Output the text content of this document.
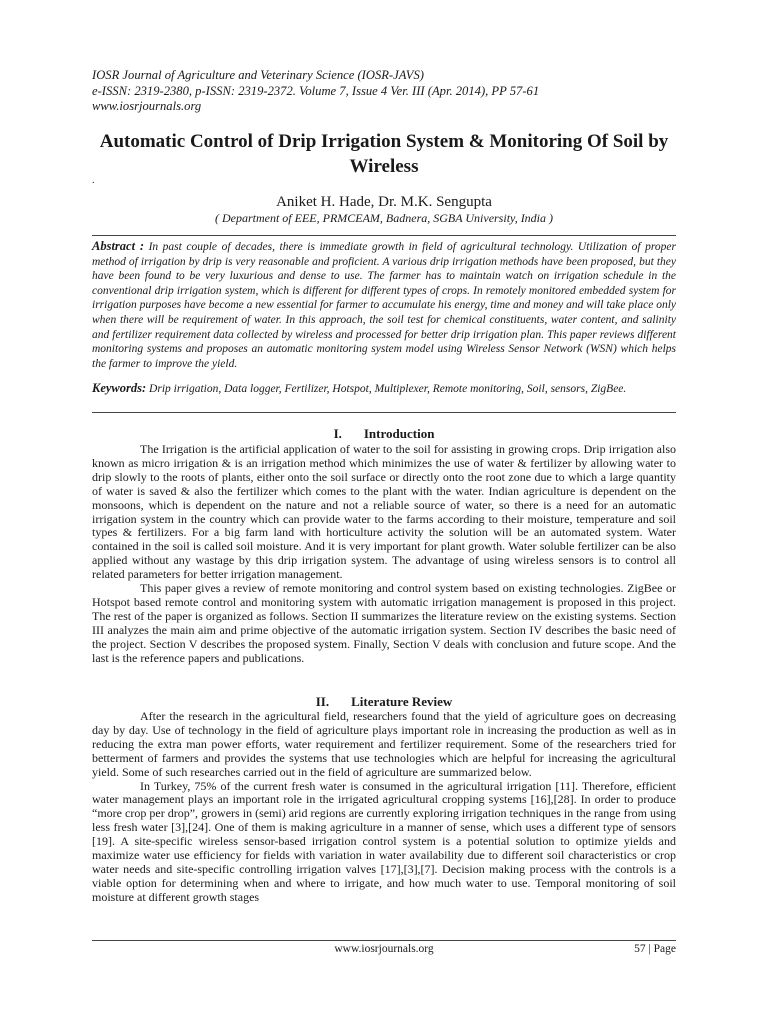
IOSR Journal of Agriculture and Veterinary Science (IOSR-JAVS)
e-ISSN: 2319-2380, p-ISSN: 2319-2372. Volume 7, Issue 4 Ver. III (Apr. 2014), PP 57-61
www.iosrjournals.org
Automatic Control of Drip Irrigation System & Monitoring Of Soil by Wireless
.
Aniket H. Hade, Dr. M.K. Sengupta
( Department of EEE, PRMCEAM, Badnera, SGBA University, India )
Abstract : In past couple of decades, there is immediate growth in field of agricultural technology. Utilization of proper method of irrigation by drip is very reasonable and proficient. A various drip irrigation methods have been proposed, but they have been found to be very luxurious and dense to use. The farmer has to maintain watch on irrigation schedule in the conventional drip irrigation system, which is different for different types of crops. In remotely monitored embedded system for irrigation purposes have become a new essential for farmer to accumulate his energy, time and money and will take place only when there will be requirement of water. In this approach, the soil test for chemical constituents, water content, and salinity and fertilizer requirement data collected by wireless and processed for better drip irrigation plan. This paper reviews different monitoring systems and proposes an automatic monitoring system model using Wireless Sensor Network (WSN) which helps the farmer to improve the yield.
Keywords: Drip irrigation, Data logger, Fertilizer, Hotspot, Multiplexer, Remote monitoring, Soil, sensors, ZigBee.
I. Introduction

The Irrigation is the artificial application of water to the soil for assisting in growing crops. Drip irrigation also known as micro irrigation & is an irrigation method which minimizes the use of water & fertilizer by allowing water to drip slowly to the roots of plants, either onto the soil surface or directly onto the root zone due to which a large quantity of water is saved & also the fertilizer which comes to the plant with the water. Indian agriculture is dependent on the monsoons, which is dependent on the nature and not a reliable source of water, so there is a need for an automatic irrigation system in the country which can provide water to the farms according to their moisture, temperature and soil types & fertilizers. For a big farm land with horticulture activity the solution will be an automated system. Water contained in the soil is called soil moisture. And it is very important for plant growth. Water soluble fertilizer can be also applied without any wastage by this drip irrigation system. The advantage of using wireless sensors is to control all related parameters for better irrigation management.

This paper gives a review of remote monitoring and control system based on existing technologies. ZigBee or Hotspot based remote control and monitoring system with automatic irrigation management is proposed in this project. The rest of the paper is organized as follows. Section II summarizes the literature review on the existing systems. Section III analyzes the main aim and prime objective of the automatic irrigation system. Section IV describes the basic need of the project. Section V describes the proposed system. Finally, Section V deals with conclusion and future scope. And the last is the reference papers and publications.

II. Literature Review

After the research in the agricultural field, researchers found that the yield of agriculture goes on decreasing day by day. Use of technology in the field of agriculture plays important role in increasing the production as well as in reducing the extra man power efforts, water requirement and fertilizer requirement. Some of the researchers tried for betterment of farmers and provides the systems that use technologies which are helpful for increasing the agricultural yield. Some of such researches carried out in the field of agriculture are summarized below.

In Turkey, 75% of the current fresh water is consumed in the agricultural irrigation [11]. Therefore, efficient water management plays an important role in the irrigated agricultural cropping systems [16],[28]. In order to produce “more crop per drop”, growers in (semi) arid regions are currently exploring irrigation techniques in the range from using less fresh water [3],[24]. One of them is making agriculture in a manner of sense, which uses a different type of sensors [19]. A site-specific wireless sensor-based irrigation control system is a potential solution to optimize yields and maximize water use efficiency for fields with variation in water availability due to different soil characteristics or crop water needs and site-specific controlling irrigation valves [17],[3],[7]. Decision making process with the controls is a viable option for determining when and where to irrigate, and how much water to use. Temporal monitoring of soil moisture at different growth stages

www.iosrjournals.org	57 | Page
